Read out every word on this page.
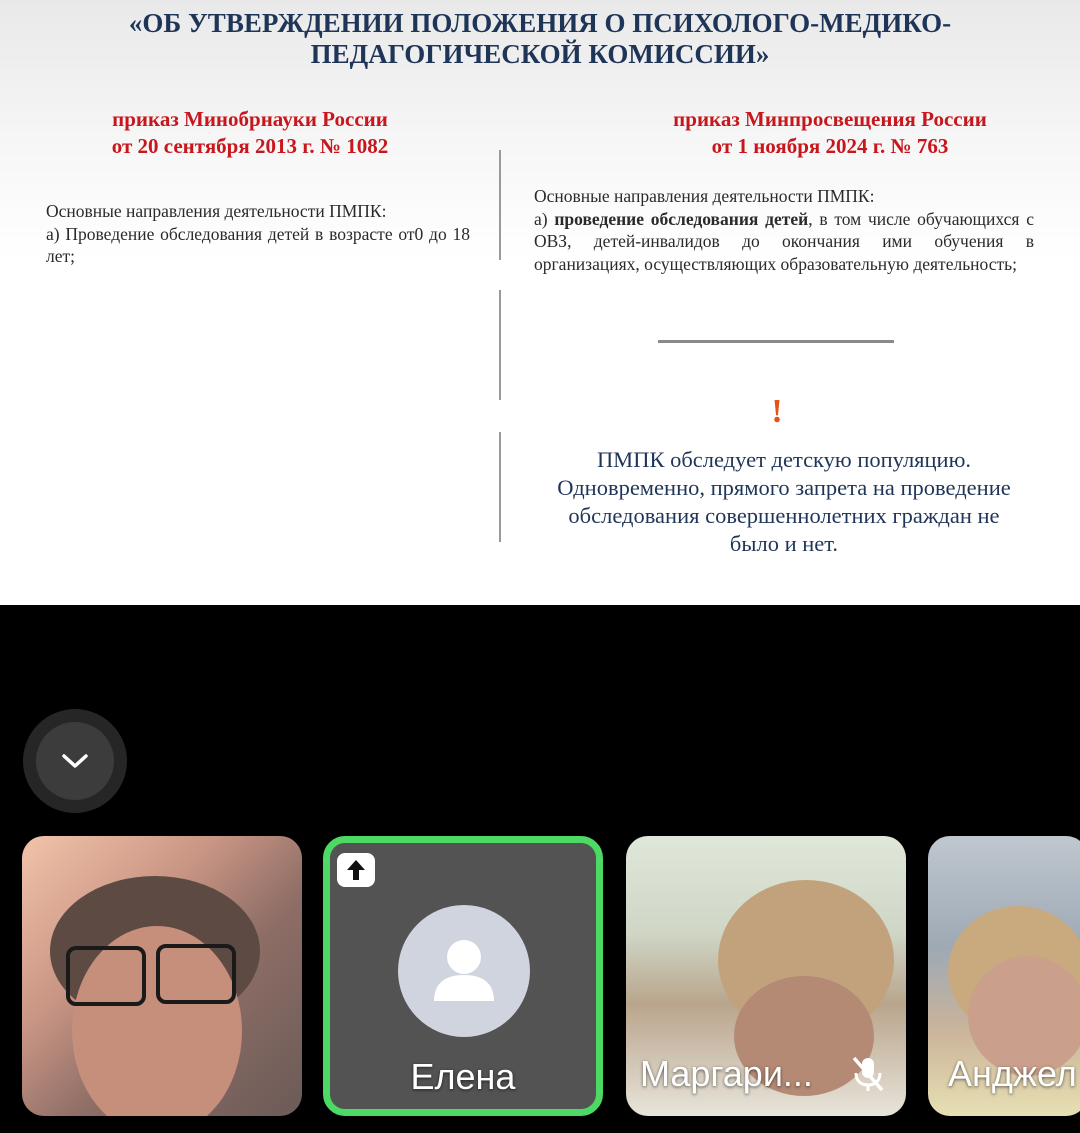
«ОБ УТВЕРЖДЕНИИ ПОЛОЖЕНИЯ О ПСИХОЛОГО-МЕДИКО-
ПЕДАГОГИЧЕСКОЙ КОМИССИИ»
приказ Минобрнауки России
от 20 сентября 2013 г. № 1082
приказ Минпросвещения России
от 1 ноября 2024 г. № 763

Основные направления деятельности ПМПК:

а) Проведение обследования детей в возрасте от0 до 18 лет;

Основные направления деятельности ПМПК:

а) проведение обследования детей, в том числе обучающихся с ОВЗ, детей-инвалидов до окончания ими обучения в организациях, осуществляющих образовательную деятельность;

!
ПМПК обследует детскую популяцию.
Одновременно, прямого запрета на проведение
обследования совершеннолетних граждан не
было и нет.
Елена	Маргари...	Анджел
